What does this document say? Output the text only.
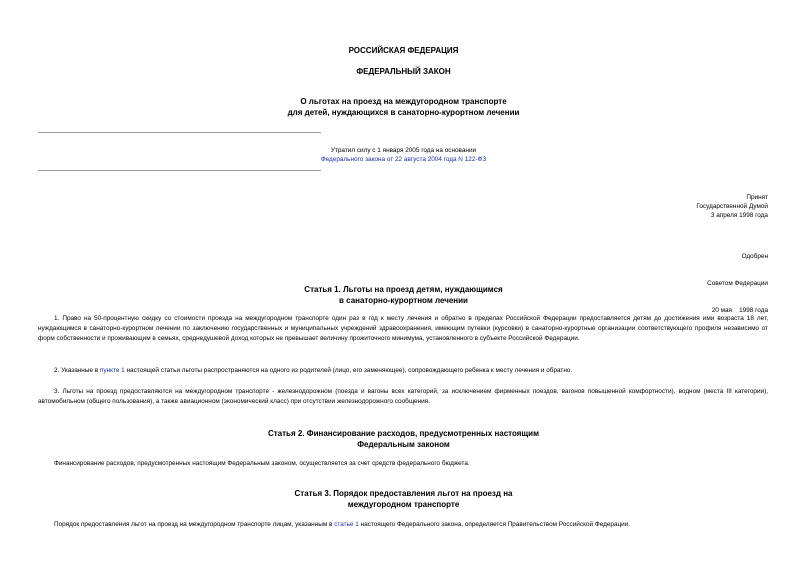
РОССИЙСКАЯ ФЕДЕРАЦИЯ
ФЕДЕРАЛЬНЫЙ ЗАКОН
О льготах на проезд на междугородном транспорте
для детей, нуждающихся в санаторно-курортном лечении
Утратил силу с 1 января 2005 года на основании
Федерального закона от 22 августа 2004 года N 122-ФЗ
Принят
Государственной Думой
3 апреля 1998 года

Одобрен

Советом Федерации

20 мая    1998 года

Статья 1. Льготы на проезд детям, нуждающимся
в санаторно-курортном лечении
1. Право на 50-процентную скидку со стоимости проезда на междугородном транспорте один раз в год к месту лечения и обратно в пределах Российской Федерации предоставляется детям до достижения ими возраста 18 лет, нуждающимся в санаторно-курортном лечении по заключению государственных и муниципальных учреждений здравоохранения, имеющим путевки (курсовки) в санаторно-курортные организации соответствующего профиля независимо от форм собственности и проживающим в семьях, среднедушевой доход которых не превышает величину прожиточного минимума, установленного в субъекте Российской Федерации.
2. Указанные в пункте 1 настоящей статьи льготы распространяются на одного из родителей (лицо, его заменяющее), сопровождающего ребенка к месту лечения и обратно.
3. Льготы на проезд предоставляются на междугородном транспорте - железнодорожном (поезда и вагоны всех категорий, за исключением фирменных поездов, вагонов повышенной комфортности), водном (места III категории), автомобильном (общего пользования), а также авиационном (экономический класс) при отсутствии железнодорожного сообщения.
Статья 2. Финансирование расходов, предусмотренных настоящим
Федеральным законом
Финансирование расходов, предусмотренных настоящим Федеральным законом, осуществляется за счет средств федерального бюджета.
Статья 3. Порядок предоставления льгот на проезд на
междугородном транспорте
Порядок предоставления льгот на проезд на междугородном транспорте лицам, указанным в статье 1 настоящего Федерального закона, определяется Правительством Российской Федерации.
